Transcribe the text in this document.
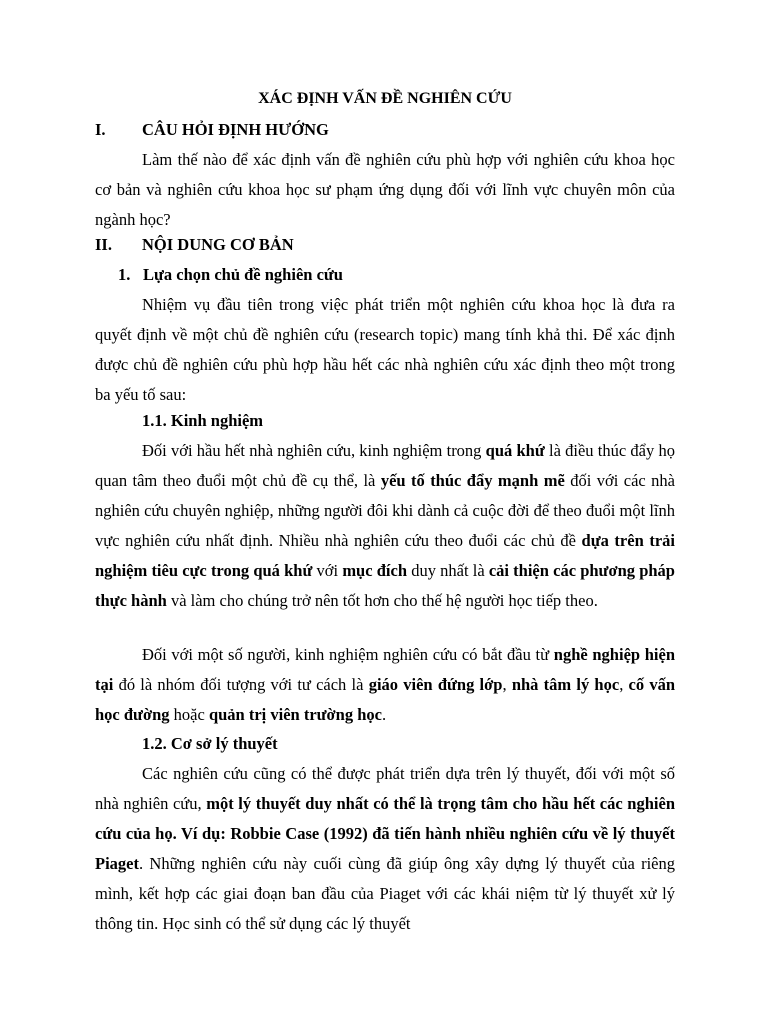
XÁC ĐỊNH VẤN ĐỀ NGHIÊN CỨU
I. CÂU HỎI ĐỊNH HƯỚNG
Làm thế nào để xác định vấn đề nghiên cứu phù hợp với nghiên cứu khoa học cơ bản và nghiên cứu khoa học sư phạm ứng dụng đối với lĩnh vực chuyên môn của ngành học?
II. NỘI DUNG CƠ BẢN
1. Lựa chọn chủ đề nghiên cứu
Nhiệm vụ đầu tiên trong việc phát triển một nghiên cứu khoa học là đưa ra quyết định về một chủ đề nghiên cứu (research topic) mang tính khả thi. Để xác định được chủ đề nghiên cứu phù hợp hầu hết các nhà nghiên cứu xác định theo một trong ba yếu tố sau:
1.1. Kinh nghiệm
Đối với hầu hết nhà nghiên cứu, kinh nghiệm trong quá khứ là điều thúc đẩy họ quan tâm theo đuổi một chủ đề cụ thể, là yếu tố thúc đẩy mạnh mẽ đối với các nhà nghiên cứu chuyên nghiệp, những người đôi khi dành cả cuộc đời để theo đuổi một lĩnh vực nghiên cứu nhất định. Nhiều nhà nghiên cứu theo đuổi các chủ đề dựa trên trải nghiệm tiêu cực trong quá khứ với mục đích duy nhất là cải thiện các phương pháp thực hành và làm cho chúng trở nên tốt hơn cho thế hệ người học tiếp theo.
Đối với một số người, kinh nghiệm nghiên cứu có bắt đầu từ nghề nghiệp hiện tại đó là nhóm đối tượng với tư cách là giáo viên đứng lớp, nhà tâm lý học, cố vấn học đường hoặc quản trị viên trường học.
1.2. Cơ sở lý thuyết
Các nghiên cứu cũng có thể được phát triển dựa trên lý thuyết, đối với một số nhà nghiên cứu, một lý thuyết duy nhất có thể là trọng tâm cho hầu hết các nghiên cứu của họ. Ví dụ: Robbie Case (1992) đã tiến hành nhiều nghiên cứu về lý thuyết Piaget. Những nghiên cứu này cuối cùng đã giúp ông xây dựng lý thuyết của riêng mình, kết hợp các giai đoạn ban đầu của Piaget với các khái niệm từ lý thuyết xử lý thông tin. Học sinh có thể sử dụng các lý thuyết
